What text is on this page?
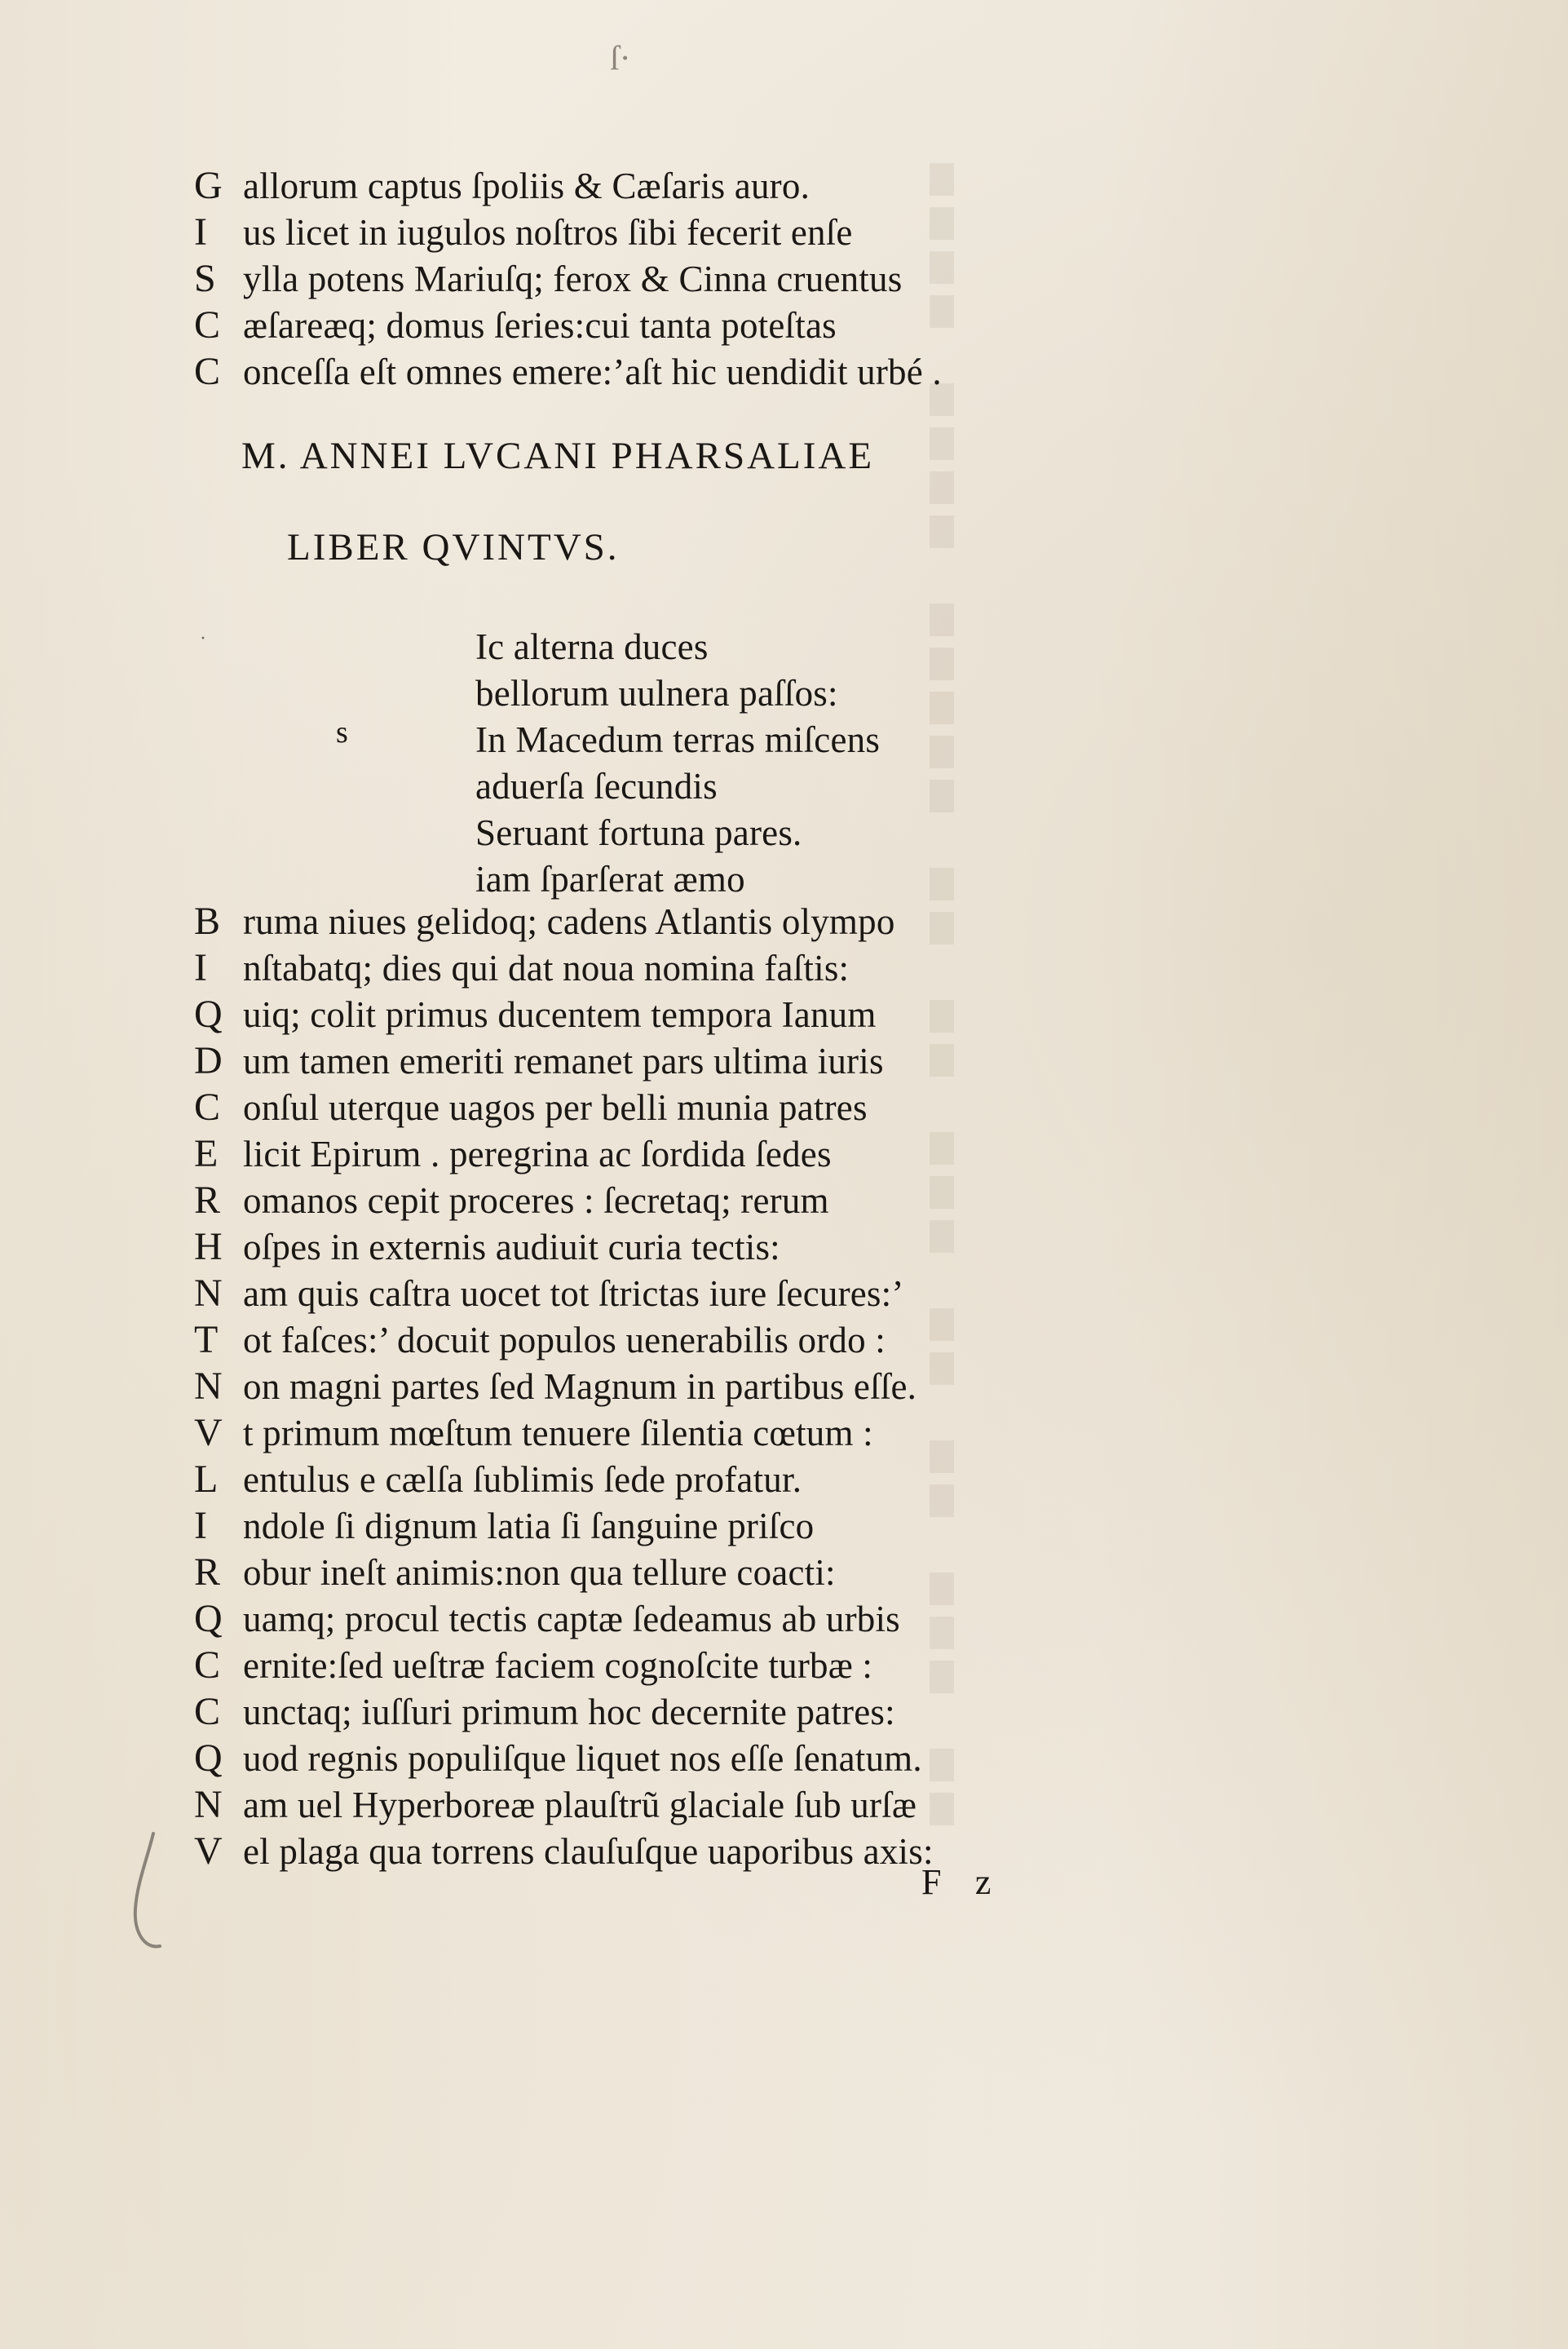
ſ·
G allorum captus ſpoliis & Cæſaris auro.
I us licet in iugulos noſtros ſibi fecerit enſe
S ylla potens Mariuſq; ferox & Cinna cruentus
C æſareæq; domus ſeries:cui tanta poteſtas
C onceſſa eſt omnes emere:’aſt hic uendidit urbé .
M. ANNEI LVCANI PHARSALIAE
LIBER QVINTVS.
s
·	Ic alterna duces
bellorum uulnera paſſos:
In Macedum terras miſcens
aduerſa ſecundis
Seruant fortuna pares.
iam ſparſerat æmo
B ruma niues gelidoq; cadens Atlantis olympo
I nſtabatq; dies qui dat noua nomina faſtis:
Q uiq; colit primus ducentem tempora Ianum
D um tamen emeriti remanet pars ultima iuris
C onſul uterque uagos per belli munia patres
E licit Epirum . peregrina ac ſordida ſedes
R omanos cepit proceres : ſecretaq; rerum
H oſpes in externis audiuit curia tectis:
N am quis caſtra uocet tot ſtrictas iure ſecures:’
T ot faſces:’ docuit populos uenerabilis ordo :
N on magni partes ſed Magnum in partibus eſſe.
V t primum mœſtum tenuere ſilentia cœtum :
L entulus e cælſa ſublimis ſede profatur.
I ndole ſi dignum latia ſi ſanguine priſco
R obur ineſt animis:non qua tellure coacti:
Q uamq; procul tectis captæ ſedeamus ab urbis
C ernite:ſed ueſtræ faciem cognoſcite turbæ :
C unctaq; iuſſuri primum hoc decernite patres:
Q uod regnis populiſque liquet nos eſſe ſenatum.
N am uel Hyperboreæ plauſtrũ glaciale ſub urſæ
V el plaga qua torrens clauſuſque uaporibus axis:
F z
